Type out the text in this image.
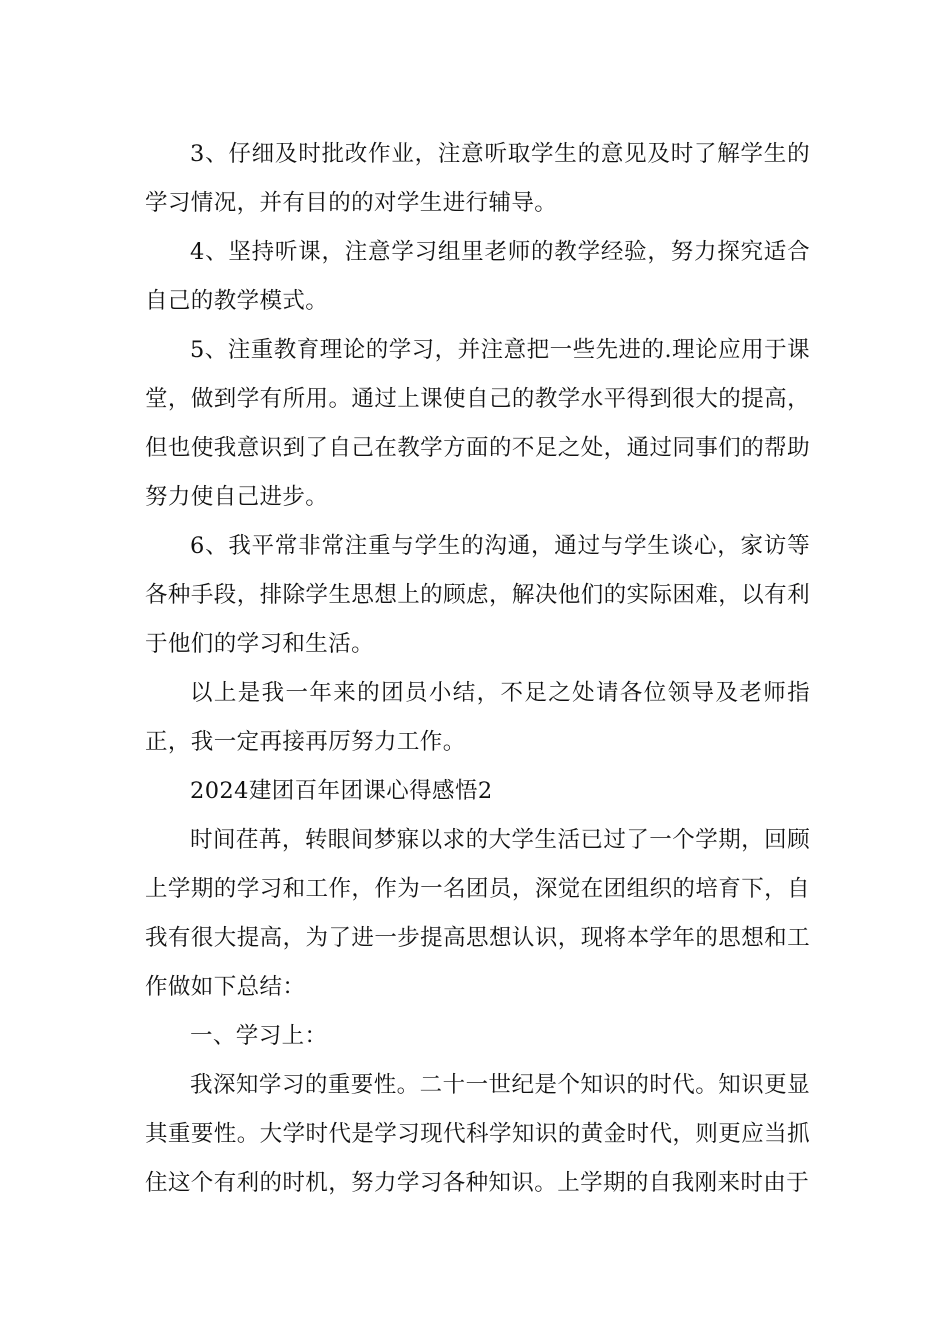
3、仔细及时批改作业，注意听取学生的意见及时了解学生的学习情况，并有目的的对学生进行辅导。

4、坚持听课，注意学习组里老师的教学经验，努力探究适合自己的教学模式。

5、注重教育理论的学习，并注意把一些先进的.理论应用于课堂，做到学有所用。通过上课使自己的教学水平得到很大的提高，但也使我意识到了自己在教学方面的不足之处，通过同事们的帮助努力使自己进步。

6、我平常非常注重与学生的沟通，通过与学生谈心，家访等各种手段，排除学生思想上的顾虑，解决他们的实际困难，以有利于他们的学习和生活。

以上是我一年来的团员小结，不足之处请各位领导及老师指正，我一定再接再厉努力工作。

2024建团百年团课心得感悟2

时间荏苒，转眼间梦寐以求的大学生活已过了一个学期，回顾上学期的学习和工作，作为一名团员，深觉在团组织的培育下，自我有很大提高，为了进一步提高思想认识，现将本学年的思想和工作做如下总结：

一、学习上：

我深知学习的重要性。二十一世纪是个知识的时代。知识更显其重要性。大学时代是学习现代科学知识的黄金时代，则更应当抓住这个有利的时机，努力学习各种知识。上学期的自我刚来时由于
